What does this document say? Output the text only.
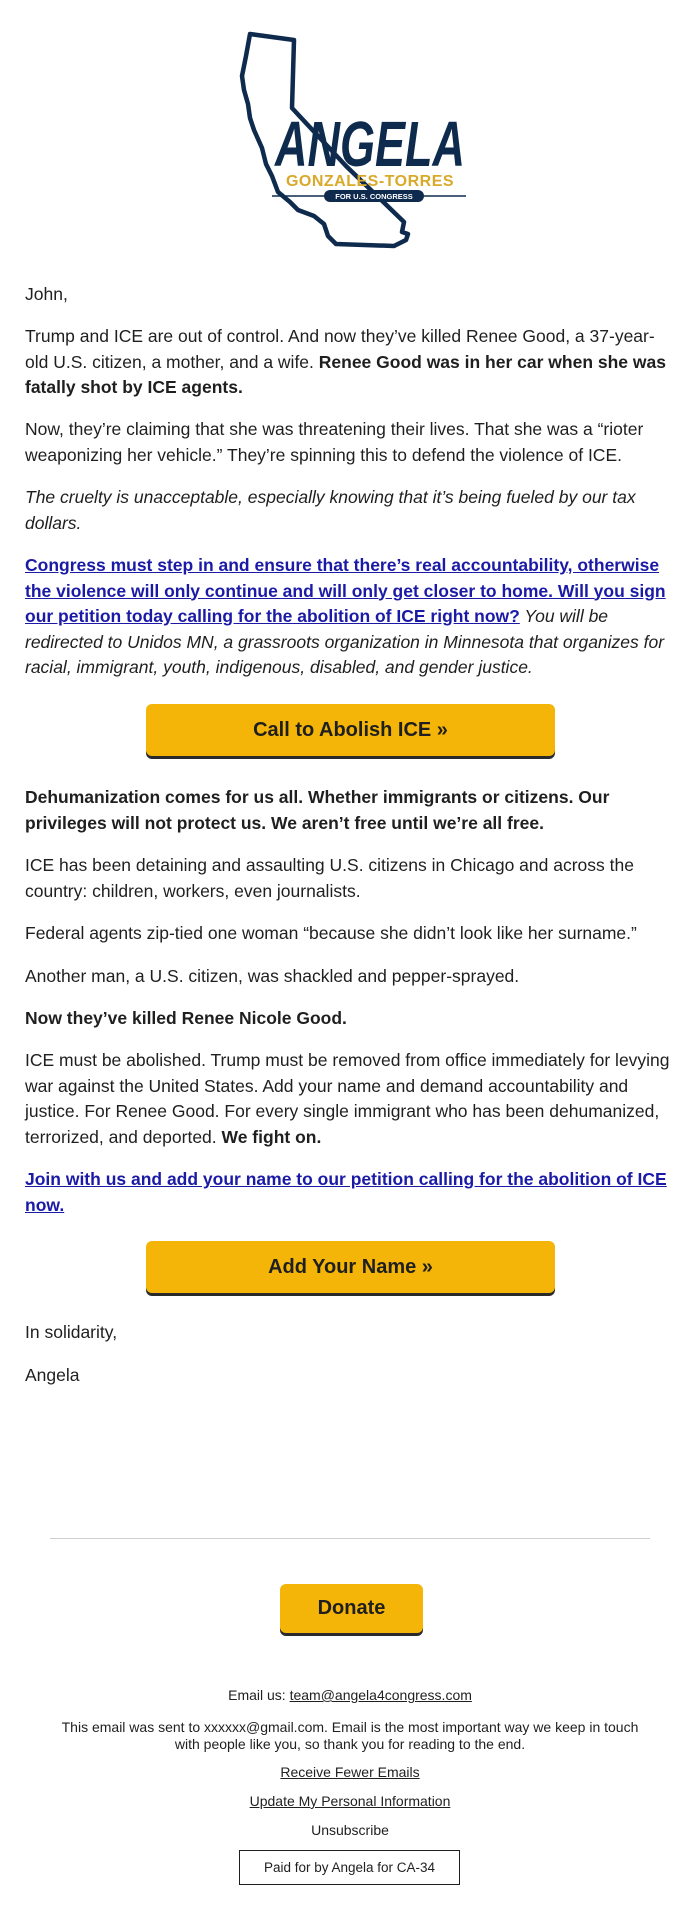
ANGELA
GONZALES-TORRES
FOR U.S. CONGRESS

John,

Trump and ICE are out of control. And now they’ve killed Renee Good, a 37-year-old U.S. citizen, a mother, and a wife. Renee Good was in her car when she was fatally shot by ICE agents.

Now, they’re claiming that she was threatening their lives. That she was a “rioter weaponizing her vehicle.” They’re spinning this to defend the violence of ICE.

The cruelty is unacceptable, especially knowing that it’s being fueled by our tax dollars.

Congress must step in and ensure that there’s real accountability, otherwise the violence will only continue and will only get closer to home. Will you sign our petition today calling for the abolition of ICE right now? You will be redirected to Unidos MN, a grassroots organization in Minnesota that organizes for racial, immigrant, youth, indigenous, disabled, and gender justice.

Call to Abolish ICE »

Dehumanization comes for us all. Whether immigrants or citizens. Our privileges will not protect us. We aren’t free until we’re all free.

ICE has been detaining and assaulting U.S. citizens in Chicago and across the country: children, workers, even journalists.

Federal agents zip-tied one woman “because she didn’t look like her surname.”

Another man, a U.S. citizen, was shackled and pepper-sprayed.

Now they’ve killed Renee Nicole Good.

ICE must be abolished. Trump must be removed from office immediately for levying war against the United States. Add your name and demand accountability and justice. For Renee Good. For every single immigrant who has been dehumanized, terrorized, and deported. We fight on.

Join with us and add your name to our petition calling for the abolition of ICE now.

Add Your Name »

In solidarity,

Angela

Donate

Email us: team@angela4congress.com

This email was sent to xxxxxx@gmail.com. Email is the most important way we keep in touch with people like you, so thank you for reading to the end.

Receive Fewer Emails

Update My Personal Information

Unsubscribe

Paid for by Angela for CA-34
